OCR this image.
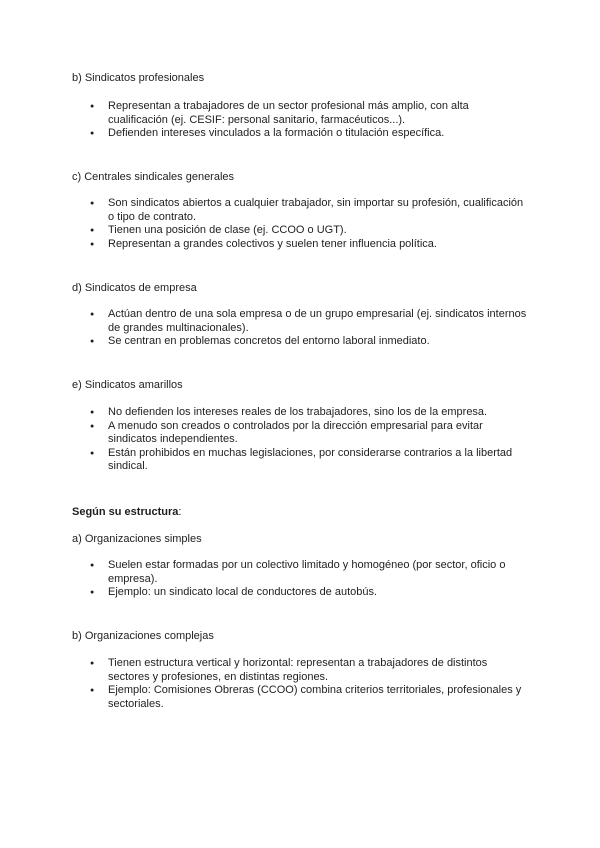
b) Sindicatos profesionales

● Representan a trabajadores de un sector profesional más amplio, con alta cualificación (ej. CESIF: personal sanitario, farmacéuticos...).
● Defienden intereses vinculados a la formación o titulación específica.

c) Centrales sindicales generales

● Son sindicatos abiertos a cualquier trabajador, sin importar su profesión, cualificación o tipo de contrato.
● Tienen una posición de clase (ej. CCOO o UGT).
● Representan a grandes colectivos y suelen tener influencia política.

d) Sindicatos de empresa

● Actúan dentro de una sola empresa o de un grupo empresarial (ej. sindicatos internos de grandes multinacionales).
● Se centran en problemas concretos del entorno laboral inmediato.

e) Sindicatos amarillos

● No defienden los intereses reales de los trabajadores, sino los de la empresa.
● A menudo son creados o controlados por la dirección empresarial para evitar sindicatos independientes.
● Están prohibidos en muchas legislaciones, por considerarse contrarios a la libertad sindical.

Según su estructura:

a) Organizaciones simples

● Suelen estar formadas por un colectivo limitado y homogéneo (por sector, oficio o empresa).
● Ejemplo: un sindicato local de conductores de autobús.

b) Organizaciones complejas

● Tienen estructura vertical y horizontal: representan a trabajadores de distintos sectores y profesiones, en distintas regiones.
● Ejemplo: Comisiones Obreras (CCOO) combina criterios territoriales, profesionales y sectoriales.
